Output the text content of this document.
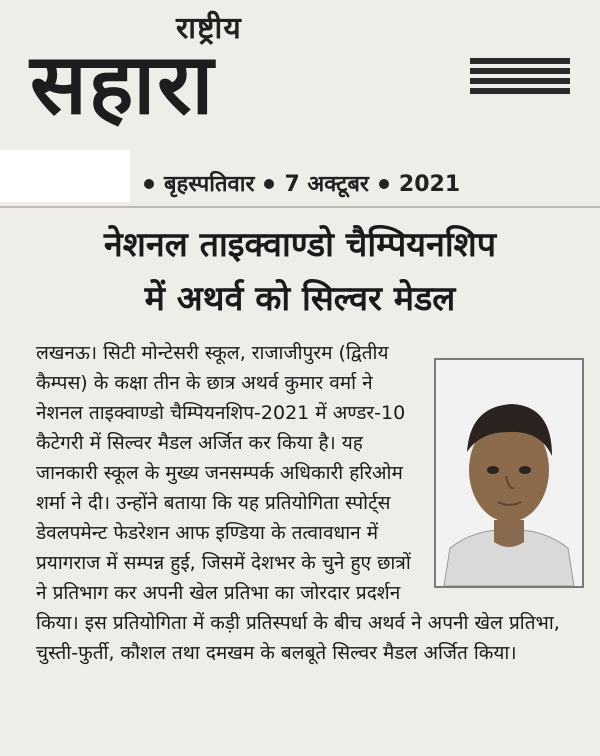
राष्ट्रीय
सहारा
बृहस्पतिवार 7 अक्टूबर 2021
नेशनल ताइक्वाण्डो चैम्पियनशिप
में अथर्व को सिल्वर मेडल
लखनऊ। सिटी मोन्टेसरी स्कूल, राजाजीपुरम (द्वितीय कैम्पस) के कक्षा तीन के छात्र अथर्व कुमार वर्मा ने नेशनल ताइक्वाण्डो चैम्पियनशिप-2021 में अण्डर-10 कैटेगरी में सिल्वर मैडल अर्जित कर किया है। यह जानकारी स्कूल के मुख्य जनसम्पर्क अधिकारी हरिओम शर्मा ने दी। उन्होंने बताया कि यह प्रतियोगिता स्पोर्ट्स डेवलपमेन्ट फेडरेशन आफ इण्डिया के तत्वावधान में प्रयागराज में सम्पन्न हुई, जिसमें देशभर के चुने हुए छात्रों ने प्रतिभाग कर अपनी खेल प्रतिभा का जोरदार प्रदर्शन किया। इस प्रतियोगिता में कड़ी प्रतिस्पर्धा के बीच अथर्व ने अपनी खेल प्रतिभा, चुस्ती-फुर्ती, कौशल तथा दमखम के बलबूते सिल्वर मैडल अर्जित किया।
